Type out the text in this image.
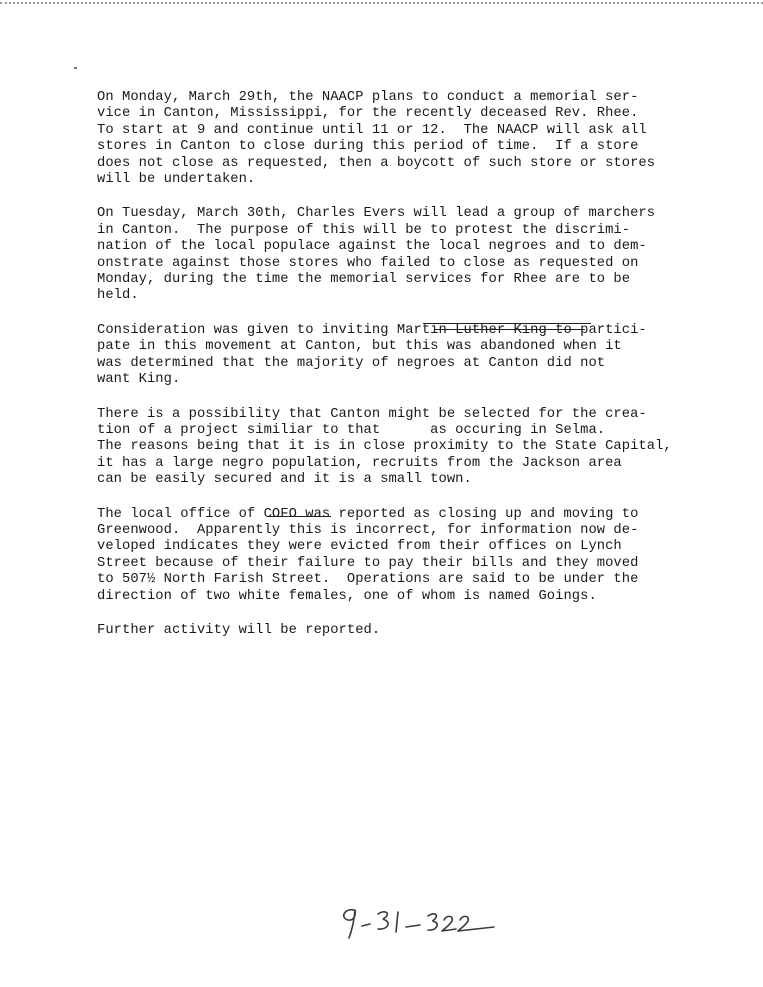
On Monday, March 29th, the NAACP plans to conduct a memorial ser-
vice in Canton, Mississippi, for the recently deceased Rev. Rhee.
To start at 9 and continue until 11 or 12.  The NAACP will ask all
stores in Canton to close during this period of time.  If a store
does not close as requested, then a boycott of such store or stores
will be undertaken.

On Tuesday, March 30th, Charles Evers will lead a group of marchers
in Canton.  The purpose of this will be to protest the discrimi-
nation of the local populace against the local negroes and to dem-
onstrate against those stores who failed to close as requested on
Monday, during the time the memorial services for Rhee are to be
held.

Consideration was given to inviting Martin Luther King to partici-
pate in this movement at Canton, but this was abandoned when it
was determined that the majority of negroes at Canton did not
want King.

There is a possibility that Canton might be selected for the crea-
tion of a project similiar to that      as occuring in Selma.
The reasons being that it is in close proximity to the State Capital,
it has a large negro population, recruits from the Jackson area
can be easily secured and it is a small town.

The local office of COFO was reported as closing up and moving to
Greenwood.  Apparently this is incorrect, for information now de-
veloped indicates they were evicted from their offices on Lynch
Street because of their failure to pay their bills and they moved
to 507½ North Farish Street.  Operations are said to be under the
direction of two white females, one of whom is named Goings.

Further activity will be reported.
